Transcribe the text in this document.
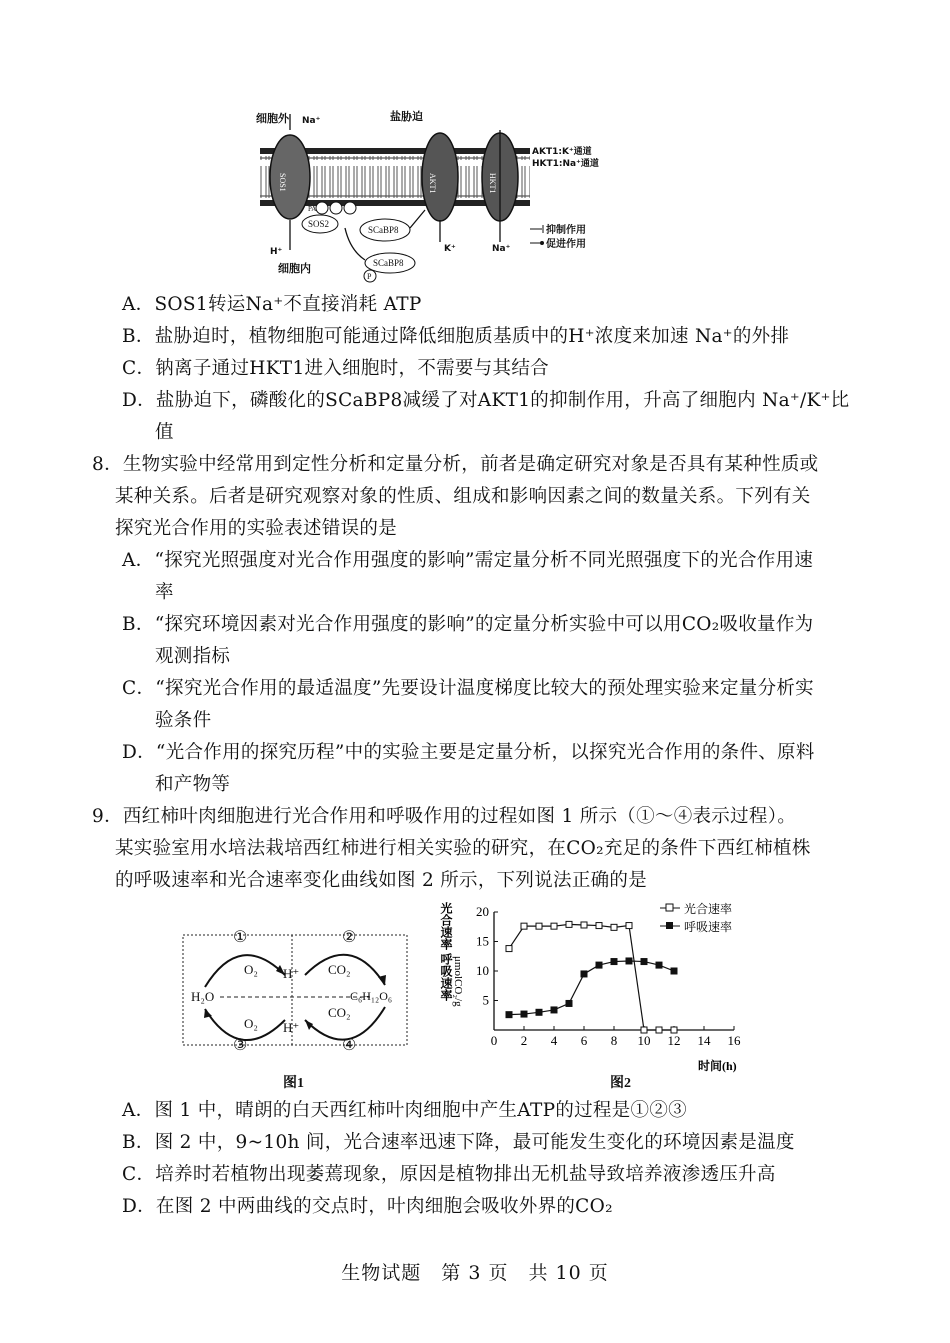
PA
SOS2
SCaBP8
SCaBP8
P
SOS1	AKT1	HKT1
细胞外 Na⁺	盐胁迫
AKT1:K⁺通道
HKT1:Na⁺通道
H⁺
细胞内
K⁺	Na⁺
抑制作用
促进作用
A．SOS1转运Na⁺不直接消耗 ATP
B．盐胁迫时，植物细胞可能通过降低细胞质基质中的H⁺浓度来加速 Na⁺的外排
C．钠离子通过HKT1进入细胞时，不需要与其结合
D．盐胁迫下，磷酸化的SCaBP8减缓了对AKT1的抑制作用，升高了细胞内 Na⁺/K⁺比
值
8．生物实验中经常用到定性分析和定量分析，前者是确定研究对象是否具有某种性质或
某种关系。后者是研究观察对象的性质、组成和影响因素之间的数量关系。下列有关
探究光合作用的实验表述错误的是
A．“探究光照强度对光合作用强度的影响”需定量分析不同光照强度下的光合作用速
率
B．“探究环境因素对光合作用强度的影响”的定量分析实验中可以用CO₂吸收量作为
观测指标
C．“探究光合作用的最适温度”先要设计温度梯度比较大的预处理实验来定量分析实
验条件
D．“光合作用的探究历程”中的实验主要是定量分析，以探究光合作用的条件、原料
和产物等
9．西红柿叶肉细胞进行光合作用和呼吸作用的过程如图 1 所示（①～④表示过程）。
某实验室用水培法栽培西红柿进行相关实验的研究，在CO₂充足的条件下西红柿植株
的呼吸速率和光合速率变化曲线如图 2 所示，下列说法正确的是
①	②
③	④
O₂ H⁺ CO₂
H₂O	C₆H₁₂O₆
O₂ H⁺
CO₂
图1
0 2 4 6 8 10 12 14 16
5
10
15
20	光合速率
呼吸速率
光合速率 呼吸速率 μmolCO₂/g
时间(h)
图2
A．图 1 中，晴朗的白天西红柿叶肉细胞中产生ATP的过程是①②③
B．图 2 中，9~10h 间，光合速率迅速下降，最可能发生变化的环境因素是温度
C．培养时若植物出现萎蔫现象，原因是植物排出无机盐导致培养液渗透压升高
D．在图 2 中两曲线的交点时，叶肉细胞会吸收外界的CO₂
生物试题　第 3 页　共 10 页
